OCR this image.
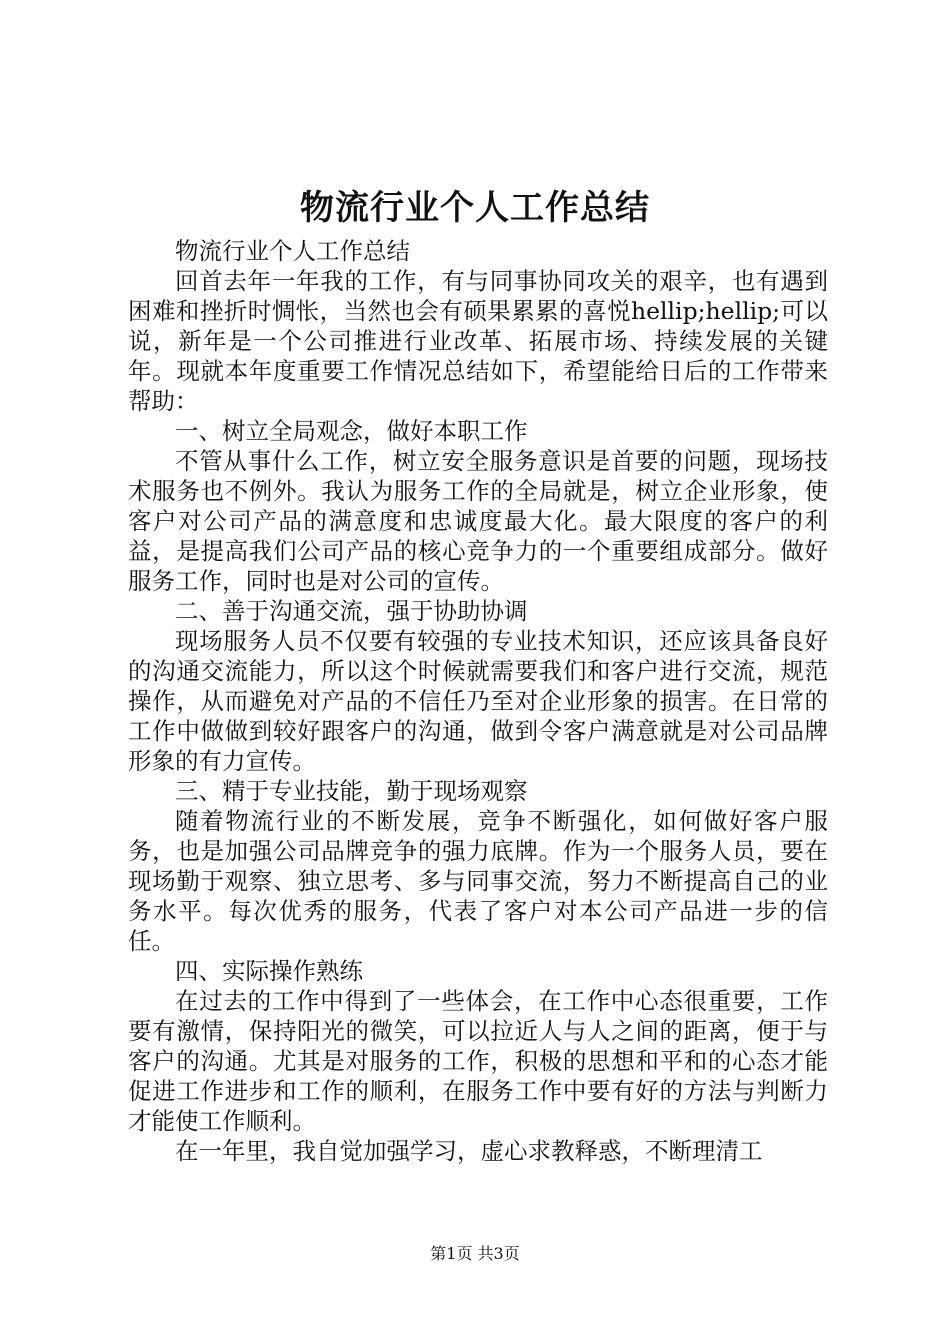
物流行业个人工作总结

物流行业个人工作总结

回首去年一年我的工作，有与同事协同攻关的艰辛，也有遇到困难和挫折时惆怅，当然也会有硕果累累的喜悦hellip;hellip;可以说，新年是一个公司推进行业改革、拓展市场、持续发展的关键年。现就本年度重要工作情况总结如下，希望能给日后的工作带来帮助：

一、树立全局观念，做好本职工作

不管从事什么工作，树立安全服务意识是首要的问题，现场技术服务也不例外。我认为服务工作的全局就是，树立企业形象，使客户对公司产品的满意度和忠诚度最大化。最大限度的客户的利益，是提高我们公司产品的核心竞争力的一个重要组成部分。做好服务工作，同时也是对公司的宣传。

二、善于沟通交流，强于协助协调

现场服务人员不仅要有较强的专业技术知识，还应该具备良好的沟通交流能力，所以这个时候就需要我们和客户进行交流，规范操作，从而避免对产品的不信任乃至对企业形象的损害。在日常的工作中做做到较好跟客户的沟通，做到令客户满意就是对公司品牌形象的有力宣传。

三、精于专业技能，勤于现场观察

随着物流行业的不断发展，竞争不断强化，如何做好客户服务，也是加强公司品牌竞争的强力底牌。作为一个服务人员，要在现场勤于观察、独立思考、多与同事交流，努力不断提高自己的业务水平。每次优秀的服务，代表了客户对本公司产品进一步的信任。

四、实际操作熟练

在过去的工作中得到了一些体会，在工作中心态很重要，工作要有激情，保持阳光的微笑，可以拉近人与人之间的距离，便于与客户的沟通。尤其是对服务的工作，积极的思想和平和的心态才能促进工作进步和工作的顺利，在服务工作中要有好的方法与判断力才能使工作顺利。

在一年里，我自觉加强学习，虚心求教释惑，不断理清工

第1页 共3页
